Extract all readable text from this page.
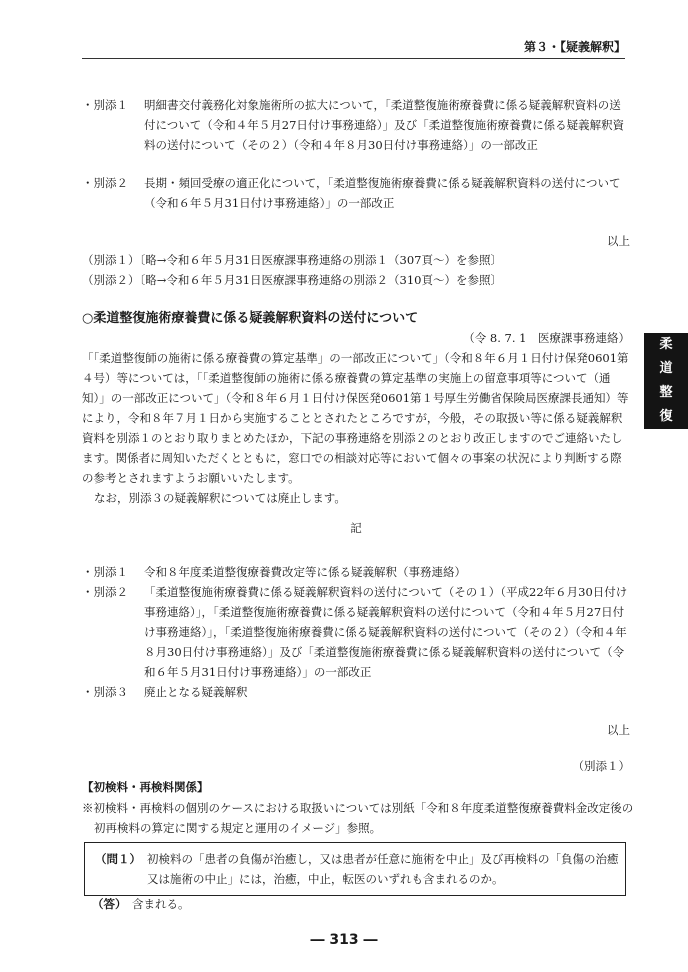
第３・【疑義解釈】
柔
道
整
復
・別添１ 明細書交付義務化対象施術所の拡大について，「柔道整復施術療養費に係る疑義解釈資料の送付について（令和４年５月27日付け事務連絡）」及び「柔道整復施術療養費に係る疑義解釈資料の送付について（その２）（令和４年８月30日付け事務連絡）」の一部改正
・別添２ 長期・頻回受療の適正化について，「柔道整復施術療養費に係る疑義解釈資料の送付について（令和６年５月31日付け事務連絡）」の一部改正
以上
（別添１）〔略→令和６年５月31日医療課事務連絡の別添１（307頁～）を参照〕
（別添２）〔略→令和６年５月31日医療課事務連絡の別添２（310頁～）を参照〕
○柔道整復施術療養費に係る疑義解釈資料の送付について
（令 8. 7. 1　医療課事務連絡）
「「柔道整復師の施術に係る療養費の算定基準」の一部改正について」（令和８年６月１日付け保発0601第４号）等については，「「柔道整復師の施術に係る療養費の算定基準の実施上の留意事項等について（通知）」の一部改正について」（令和８年６月１日付け保医発0601第１号厚生労働省保険局医療課長通知）等により，令和８年７月１日から実施することとされたところですが，今般，その取扱い等に係る疑義解釈資料を別添１のとおり取りまとめたほか，下記の事務連絡を別添２のとおり改正しますのでご連絡いたします。関係者に周知いただくとともに，窓口での相談対応等において個々の事案の状況により判断する際の参考とされますようお願いいたします。
なお，別添３の疑義解釈については廃止します。
記
・別添１ 令和８年度柔道整復療養費改定等に係る疑義解釈（事務連絡）
・別添２ 「柔道整復施術療養費に係る疑義解釈資料の送付について（その１）（平成22年６月30日付け事務連絡）」，「柔道整復施術療養費に係る疑義解釈資料の送付について（令和４年５月27日付け事務連絡）」，「柔道整復施術療養費に係る疑義解釈資料の送付について（その２）（令和４年８月30日付け事務連絡）」及び「柔道整復施術療養費に係る疑義解釈資料の送付について（令和６年５月31日付け事務連絡）」の一部改正
・別添３ 廃止となる疑義解釈
以上
（別添１）
【初検料・再検料関係】
※初検料・再検料の個別のケースにおける取扱いについては別紙「令和８年度柔道整復療養費料金改定後の初再検料の算定に関する規定と運用のイメージ」参照。
（問１） 初検料の「患者の負傷が治癒し，又は患者が任意に施術を中止」及び再検料の「負傷の治癒又は施術の中止」には，治癒，中止，転医のいずれも含まれるのか。
（答） 含まれる。
― 313 ―
